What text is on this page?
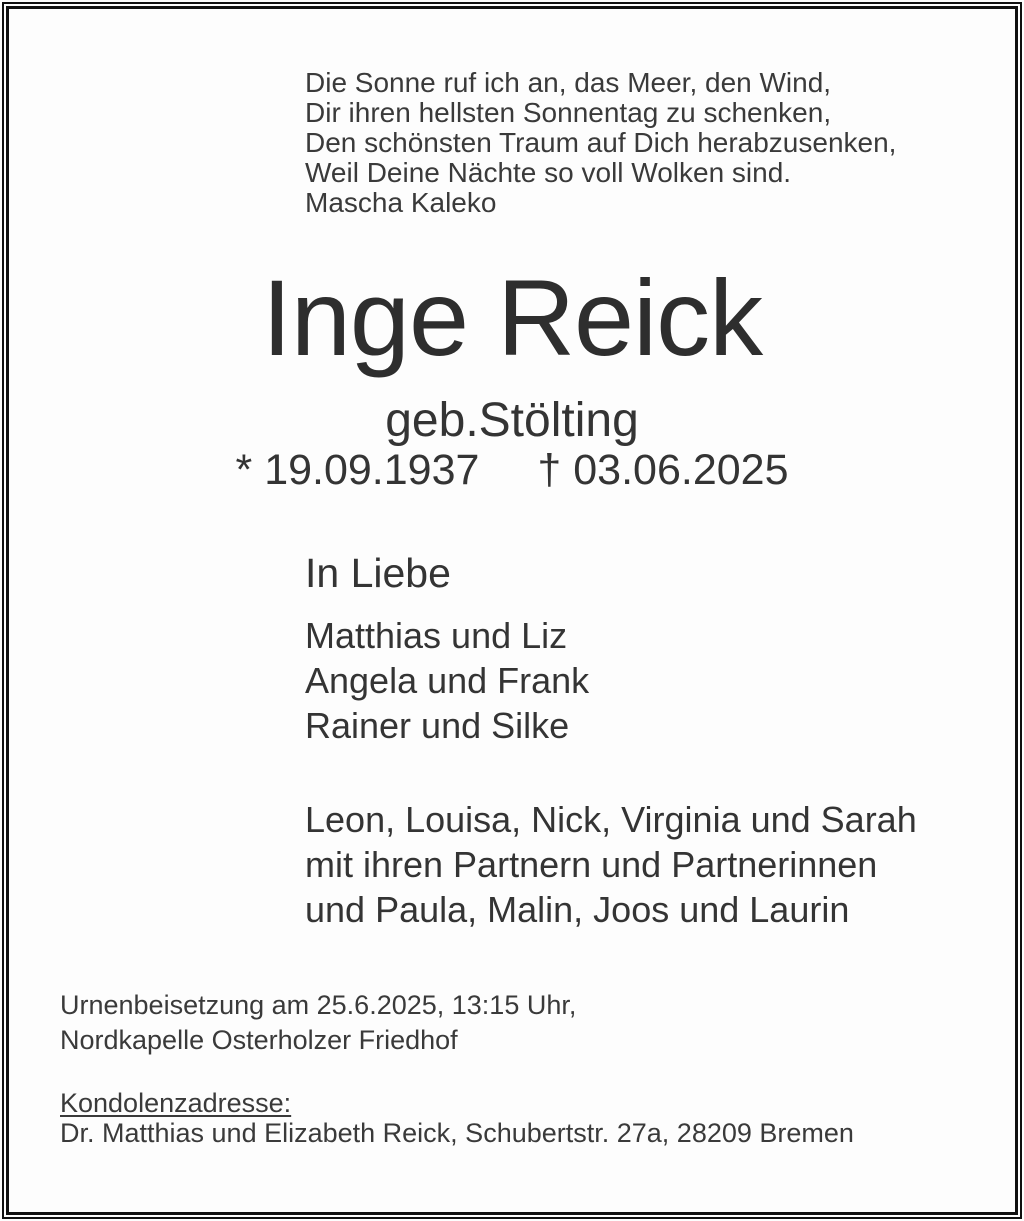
Die Sonne ruf ich an, das Meer, den Wind,
Dir ihren hellsten Sonnentag zu schenken,
Den schönsten Traum auf Dich herabzusenken,
Weil Deine Nächte so voll Wolken sind.
Mascha Kaleko
Inge Reick
geb.Stölting
* 19.09.1937 † 03.06.2025
In Liebe
Matthias und Liz
Angela und Frank
Rainer und Silke
Leon, Louisa, Nick, Virginia und Sarah
mit ihren Partnern und Partnerinnen
und Paula, Malin, Joos und Laurin
Urnenbeisetzung am 25.6.2025, 13:15 Uhr,
Nordkapelle Osterholzer Friedhof
Kondolenzadresse:
Dr. Matthias und Elizabeth Reick, Schubertstr. 27a, 28209 Bremen
